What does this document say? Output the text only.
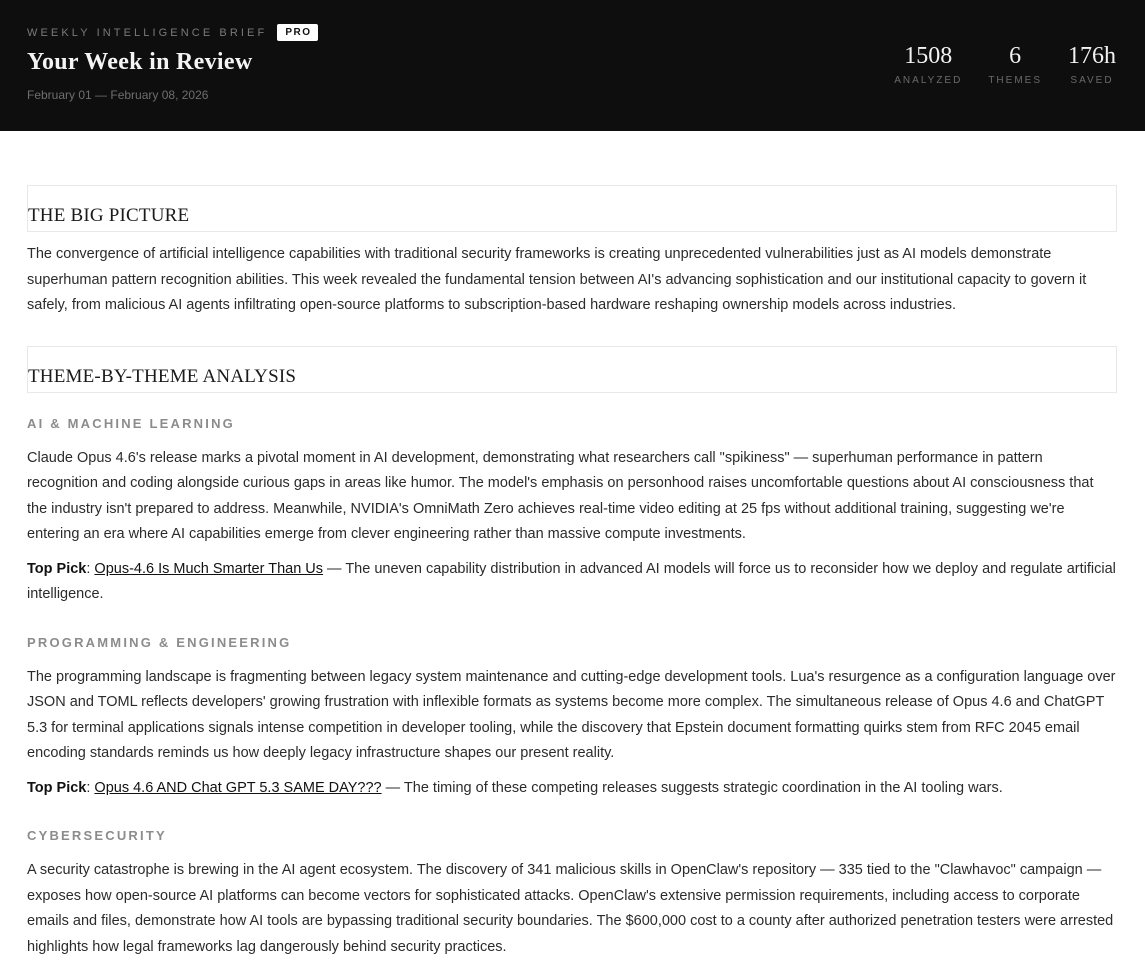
WEEKLY INTELLIGENCE BRIEF	PRO
Your Week in Review
February 01 — February 08, 2026
1508
ANALYZED
6
THEMES
176h
SAVED
THE BIG PICTURE

The convergence of artificial intelligence capabilities with traditional security frameworks is creating unprecedented vulnerabilities just as AI models demonstrate superhuman pattern recognition abilities. This week revealed the fundamental tension between AI's advancing sophistication and our institutional capacity to govern it safely, from malicious AI agents infiltrating open-source platforms to subscription-based hardware reshaping ownership models across industries.

THEME-BY-THEME ANALYSIS
AI & MACHINE LEARNING

Claude Opus 4.6's release marks a pivotal moment in AI development, demonstrating what researchers call "spikiness" — superhuman performance in pattern recognition and coding alongside curious gaps in areas like humor. The model's emphasis on personhood raises uncomfortable questions about AI consciousness that the industry isn't prepared to address. Meanwhile, NVIDIA's OmniMath Zero achieves real-time video editing at 25 fps without additional training, suggesting we're entering an era where AI capabilities emerge from clever engineering rather than massive compute investments.

Top Pick: Opus-4.6 Is Much Smarter Than Us — The uneven capability distribution in advanced AI models will force us to reconsider how we deploy and regulate artificial intelligence.

PROGRAMMING & ENGINEERING

The programming landscape is fragmenting between legacy system maintenance and cutting-edge development tools. Lua's resurgence as a configuration language over JSON and TOML reflects developers' growing frustration with inflexible formats as systems become more complex. The simultaneous release of Opus 4.6 and ChatGPT 5.3 for terminal applications signals intense competition in developer tooling, while the discovery that Epstein document formatting quirks stem from RFC 2045 email encoding standards reminds us how deeply legacy infrastructure shapes our present reality.

Top Pick: Opus 4.6 AND Chat GPT 5.3 SAME DAY??? — The timing of these competing releases suggests strategic coordination in the AI tooling wars.

CYBERSECURITY

A security catastrophe is brewing in the AI agent ecosystem. The discovery of 341 malicious skills in OpenClaw's repository — 335 tied to the "Clawhavoc" campaign — exposes how open-source AI platforms can become vectors for sophisticated attacks. OpenClaw's extensive permission requirements, including access to corporate emails and files, demonstrate how AI tools are bypassing traditional security boundaries. The $600,000 cost to a county after authorized penetration testers were arrested highlights how legal frameworks lag dangerously behind security practices.
